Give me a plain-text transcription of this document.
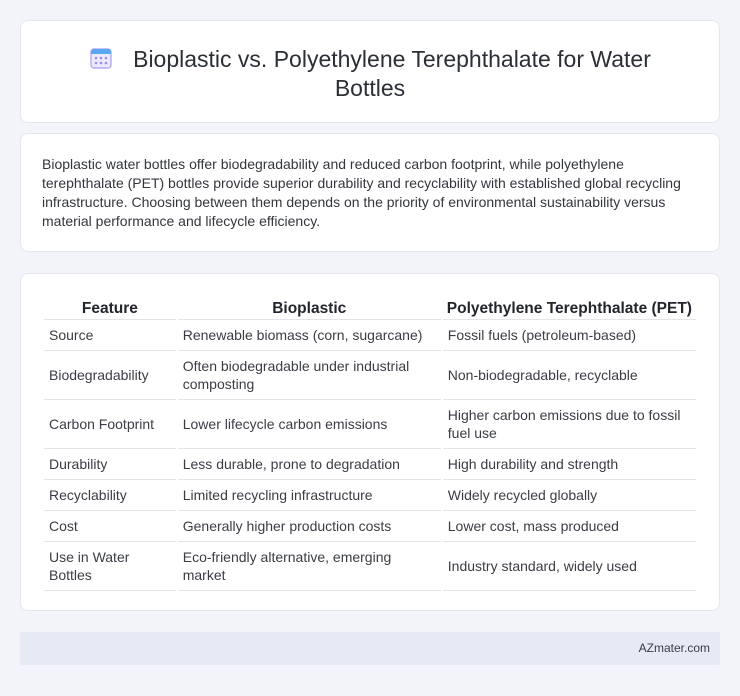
Bioplastic vs. Polyethylene Terephthalate for Water Bottles

Bioplastic water bottles offer biodegradability and reduced carbon footprint, while polyethylene terephthalate (PET) bottles provide superior durability and recyclability with established global recycling infrastructure. Choosing between them depends on the priority of environmental sustainability versus material performance and lifecycle efficiency.

Feature	Bioplastic	Polyethylene Terephthalate (PET)
Source	Renewable biomass (corn, sugarcane)	Fossil fuels (petroleum-based)
Biodegradability	Often biodegradable under industrial composting	Non-biodegradable, recyclable
Carbon Footprint	Lower lifecycle carbon emissions	Higher carbon emissions due to fossil fuel use
Durability	Less durable, prone to degradation	High durability and strength
Recyclability	Limited recycling infrastructure	Widely recycled globally
Cost	Generally higher production costs	Lower cost, mass produced
Use in Water Bottles	Eco-friendly alternative, emerging market	Industry standard, widely used
AZmater.com
